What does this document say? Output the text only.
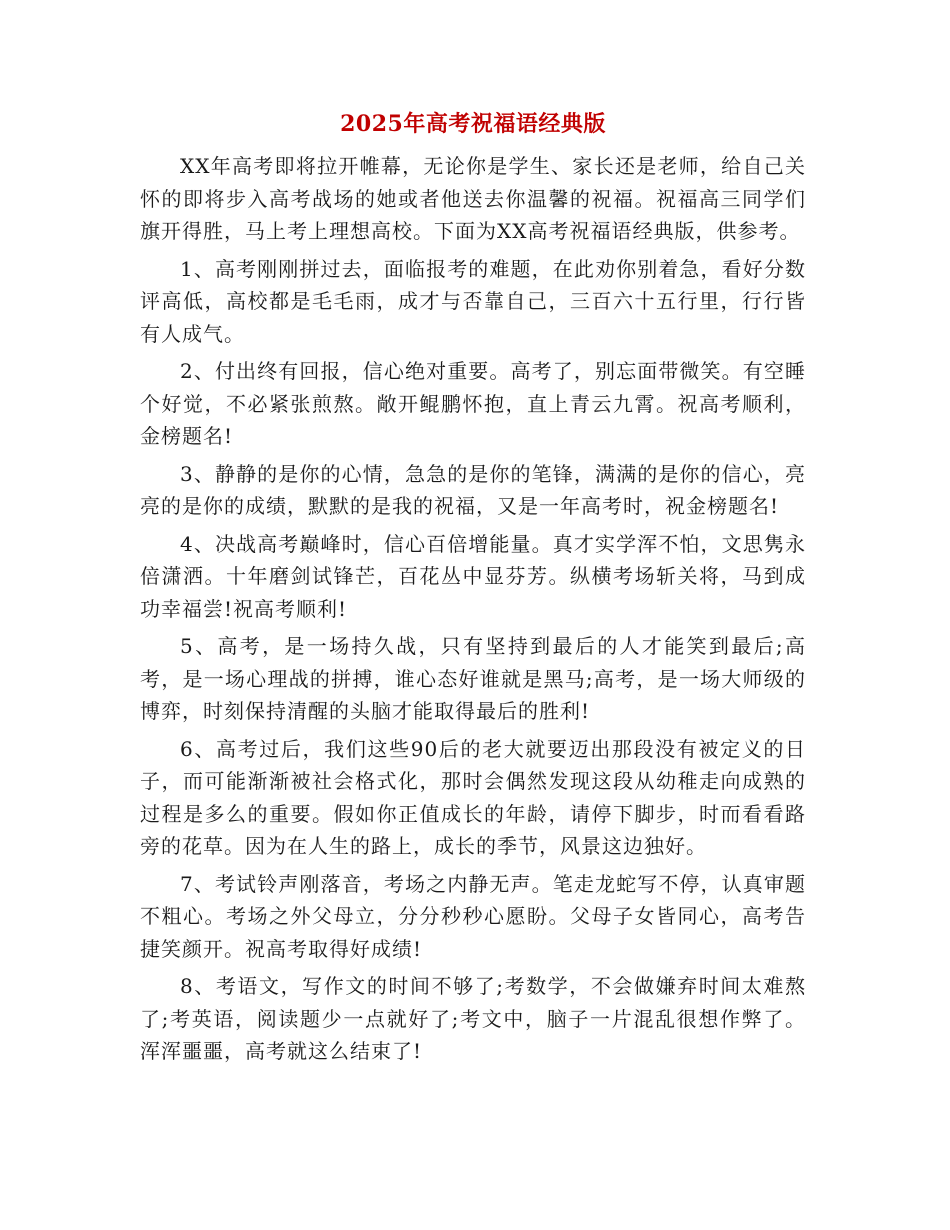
2025年高考祝福语经典版

XX年高考即将拉开帷幕，无论你是学生、家长还是老师，给自己关怀的即将步入高考战场的她或者他送去你温馨的祝福。祝福高三同学们旗开得胜，马上考上理想高校。下面为XX高考祝福语经典版，供参考。

1、高考刚刚拼过去，面临报考的难题，在此劝你别着急，看好分数评高低，高校都是毛毛雨，成才与否靠自己，三百六十五行里，行行皆有人成气。

2、付出终有回报，信心绝对重要。高考了，别忘面带微笑。有空睡个好觉，不必紧张煎熬。敞开鲲鹏怀抱，直上青云九霄。祝高考顺利，金榜题名!

3、静静的是你的心情，急急的是你的笔锋，满满的是你的信心，亮亮的是你的成绩，默默的是我的祝福，又是一年高考时，祝金榜题名!

4、决战高考巅峰时，信心百倍增能量。真才实学浑不怕，文思隽永倍潇洒。十年磨剑试锋芒，百花丛中显芬芳。纵横考场斩关将，马到成功幸福尝!祝高考顺利!

5、高考，是一场持久战，只有坚持到最后的人才能笑到最后;高考，是一场心理战的拼搏，谁心态好谁就是黑马;高考，是一场大师级的博弈，时刻保持清醒的头脑才能取得最后的胜利!

6、高考过后，我们这些90后的老大就要迈出那段没有被定义的日子，而可能渐渐被社会格式化，那时会偶然发现这段从幼稚走向成熟的过程是多么的重要。假如你正值成长的年龄，请停下脚步，时而看看路旁的花草。因为在人生的路上，成长的季节，风景这边独好。

7、考试铃声刚落音，考场之内静无声。笔走龙蛇写不停，认真审题不粗心。考场之外父母立，分分秒秒心愿盼。父母子女皆同心，高考告捷笑颜开。祝高考取得好成绩!

8、考语文，写作文的时间不够了;考数学，不会做嫌弃时间太难熬了;考英语，阅读题少一点就好了;考文中，脑子一片混乱很想作弊了。浑浑噩噩，高考就这么结束了!
